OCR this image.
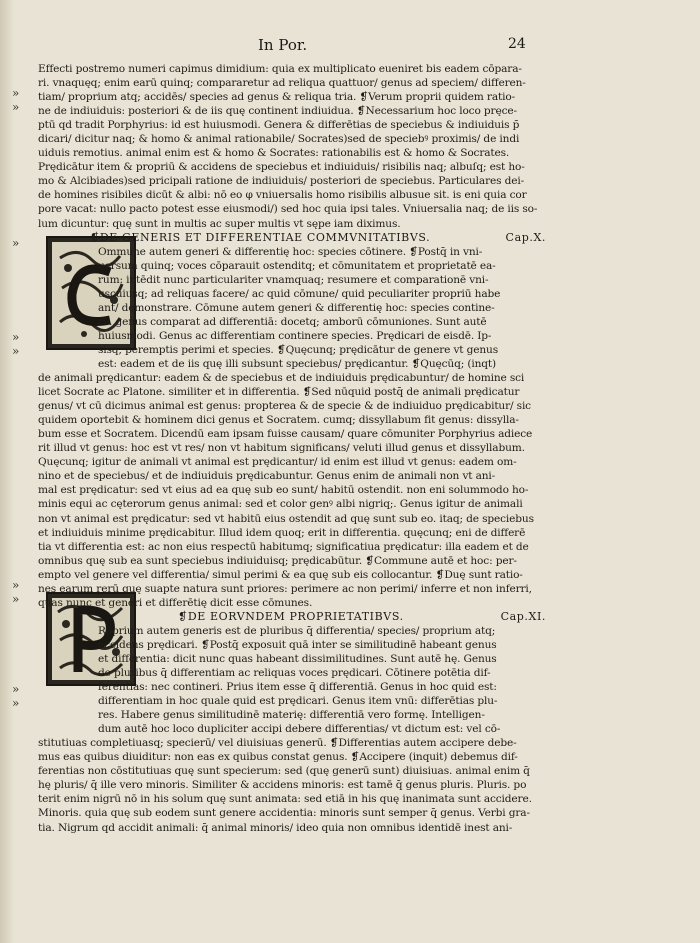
In Por.	24
»
»
»
»
»
»
»
»
»
Effecti postremo numeri capimus dimidium: quia ex multiplicato eueniret bis eadem cōpara-
ri. vnaquęq; enim earū quinq; compararetur ad reliqua quattuor/ genus ad speciem/ differen-
tiam/ proprium atq; accidēs/ species ad genus & reliqua tria. ❡Verum proprii quidem ratio-
ne de indiuiduis: posteriori & de iis quę continent indiuidua. ❡Necessarium hoc loco pręce-
ptū qd tradit Porphyrius: id est huiusmodi. Genera & differētias de speciebus & indiuiduis p̄
dicari/ dicitur naq; & homo & animal rationabile/ Socrates)sed de speciebꝰ proximis/ de indi
uiduis remotius. animal enim est & homo & Socrates: rationabilis est & homo & Socrates.
Prędicātur item & propriū & accidens de speciebus et indiuiduis/ risibilis naq; albuſq; est ho-
mo & Alcibiades)sed pricipali ratione de indiuiduis/ posteriori de speciebus. Particulares dei-
de homines risibiles dicūt & albi: nō eo φ vniuersalis homo risibilis albusue sit. is eni quia cor
pore vacat: nullo pacto potest esse eiusmodi/) sed hoc quia ipsi tales. Vniuersalia naq; de iis so-
lum dicuntur: quę sunt in multis ac super multis vt sępe iam diximus.
❡DE GENERIS ET DIFFERENTIAE COMMVNITATIBVS.	Cap.X.
Ommune autem generi & differentię hoc: species cōtinere. ❡Postq̄ in vni-
uersum quinq; voces cōparauit ostenditq; et cōmunitatem et proprietatē ea-
rum: intēdit nunc particulariter vnamquaq; resumere et comparationē vni-
uscuiusq; ad reliquas facere/ ac quid cōmune/ quid peculiariter propriū habe
ant/ demonstrare. Cōmune autem generi & differentię hoc: species contine-
re. genus comparat ad differentiā: docetq; amborū cōmuniones. Sunt autē
huiusmodi. Genus ac differentiam continere species. Prędicari de eisdē. Ip-
sisq; peremptis perimi et species. ❡Quęcunq; prędicātur de genere vt genus
est: eadem et de iis quę illi subsunt speciebus/ prędicantur. ❡Quęcūq; (inqt)
de animali prędicantur: eadem & de speciebus et de indiuiduis prędicabuntur/ de homine sci
licet Socrate ac Platone. similiter et in differentia. ❡Sed nūquid postq̄ de animali prędicatur
genus/ vt cū dicimus animal est genus: propterea & de specie & de indiuiduo prędicabitur/ sic
quidem oportebit & hominem dici genus et Socratem. cumq; dissyllabum fit genus: dissylla-
bum esse et Socratem. Dicendū eam ipsam fuisse causam/ quare cōmuniter Porphyrius adiece
rit illud vt genus: hoc est vt res/ non vt habitum significans/ veluti illud genus et dissyllabum.
Quęcunq; igitur de animali vt animal est prędicantur/ id enim est illud vt genus: eadem om-
nino et de speciebus/ et de indiuiduis prędicabuntur. Genus enim de animali non vt ani-
mal est prędicatur: sed vt eius ad ea quę sub eo sunt/ habitū ostendit. non eni solummodo ho-
minis equi ac cęterorum genus animal: sed et color genꝰ albi nigriq;. Genus igitur de animali
non vt animal est prędicatur: sed vt habitū eius ostendit ad quę sunt sub eo. itaq; de speciebus
et indiuiduis minime prędicabitur. Illud idem quoq; erit in differentia. quęcunq; eni de differē
tia vt differentia est: ac non eius respectū habitumq; significatiua prędicatur: illa eadem et de
omnibus quę sub ea sunt speciebus indiuiduisq; prędicabūtur. ❡Commune autē et hoc: per-
empto vel genere vel differentia/ simul perimi & ea quę sub eis collocantur. ❡Duę sunt ratio-
nes earum rerū quę suapte natura sunt priores: perimere ac non perimi/ inferre et non inferri,
quas nunc et generi et differētię dicit esse cōmunes.
❡DE EORVNDEM PROPRIETATIBVS.	Cap.XI.
Roprium autem generis est de pluribus q̄ differentia/ species/ proprium atq;
accidens prędicari. ❡Postq̄ exposuit quā inter se similitudinē habeant genus
et differentia: dicit nunc quas habeant dissimilitudines. Sunt autē hę. Genus
de pluribus q̄ differentiam ac reliquas voces prędicari. Cōtinere potētia dif-
ferentias: nec contineri. Prius item esse q̄ differentiā. Genus in hoc quid est:
differentiam in hoc quale quid est prędicari. Genus item vnū: differētias plu-
res. Habere genus similitudinē materię: differentiā vero formę. Intelligen-
dum autē hoc loco dupliciter accipi debere differentias/ vt dictum est: vel cō-
stitutiuas completiuasq; specierū/ vel diuisiuas generū. ❡Differentias autem accipere debe-
mus eas quibus diuiditur: non eas ex quibus constat genus. ❡Accipere (inquit) debemus dif-
ferentias non cōstitutiuas quę sunt specierum: sed (quę generū sunt) diuisiuas. animal enim q̄
hę pluris/ q̄ ille vero minoris. Similiter & accidens minoris: est tamē q̄ genus pluris. Pluris. po
terit enim nigrū nō in his solum quę sunt animata: sed etiā in his quę inanimata sunt accidere.
Minoris. quia quę sub eodem sunt genere accidentia: minoris sunt semper q̄ genus. Verbi gra-
tia. Nigrum qd accidit animali: q̄ animal minoris/ ideo quia non omnibus identidē inest ani-
